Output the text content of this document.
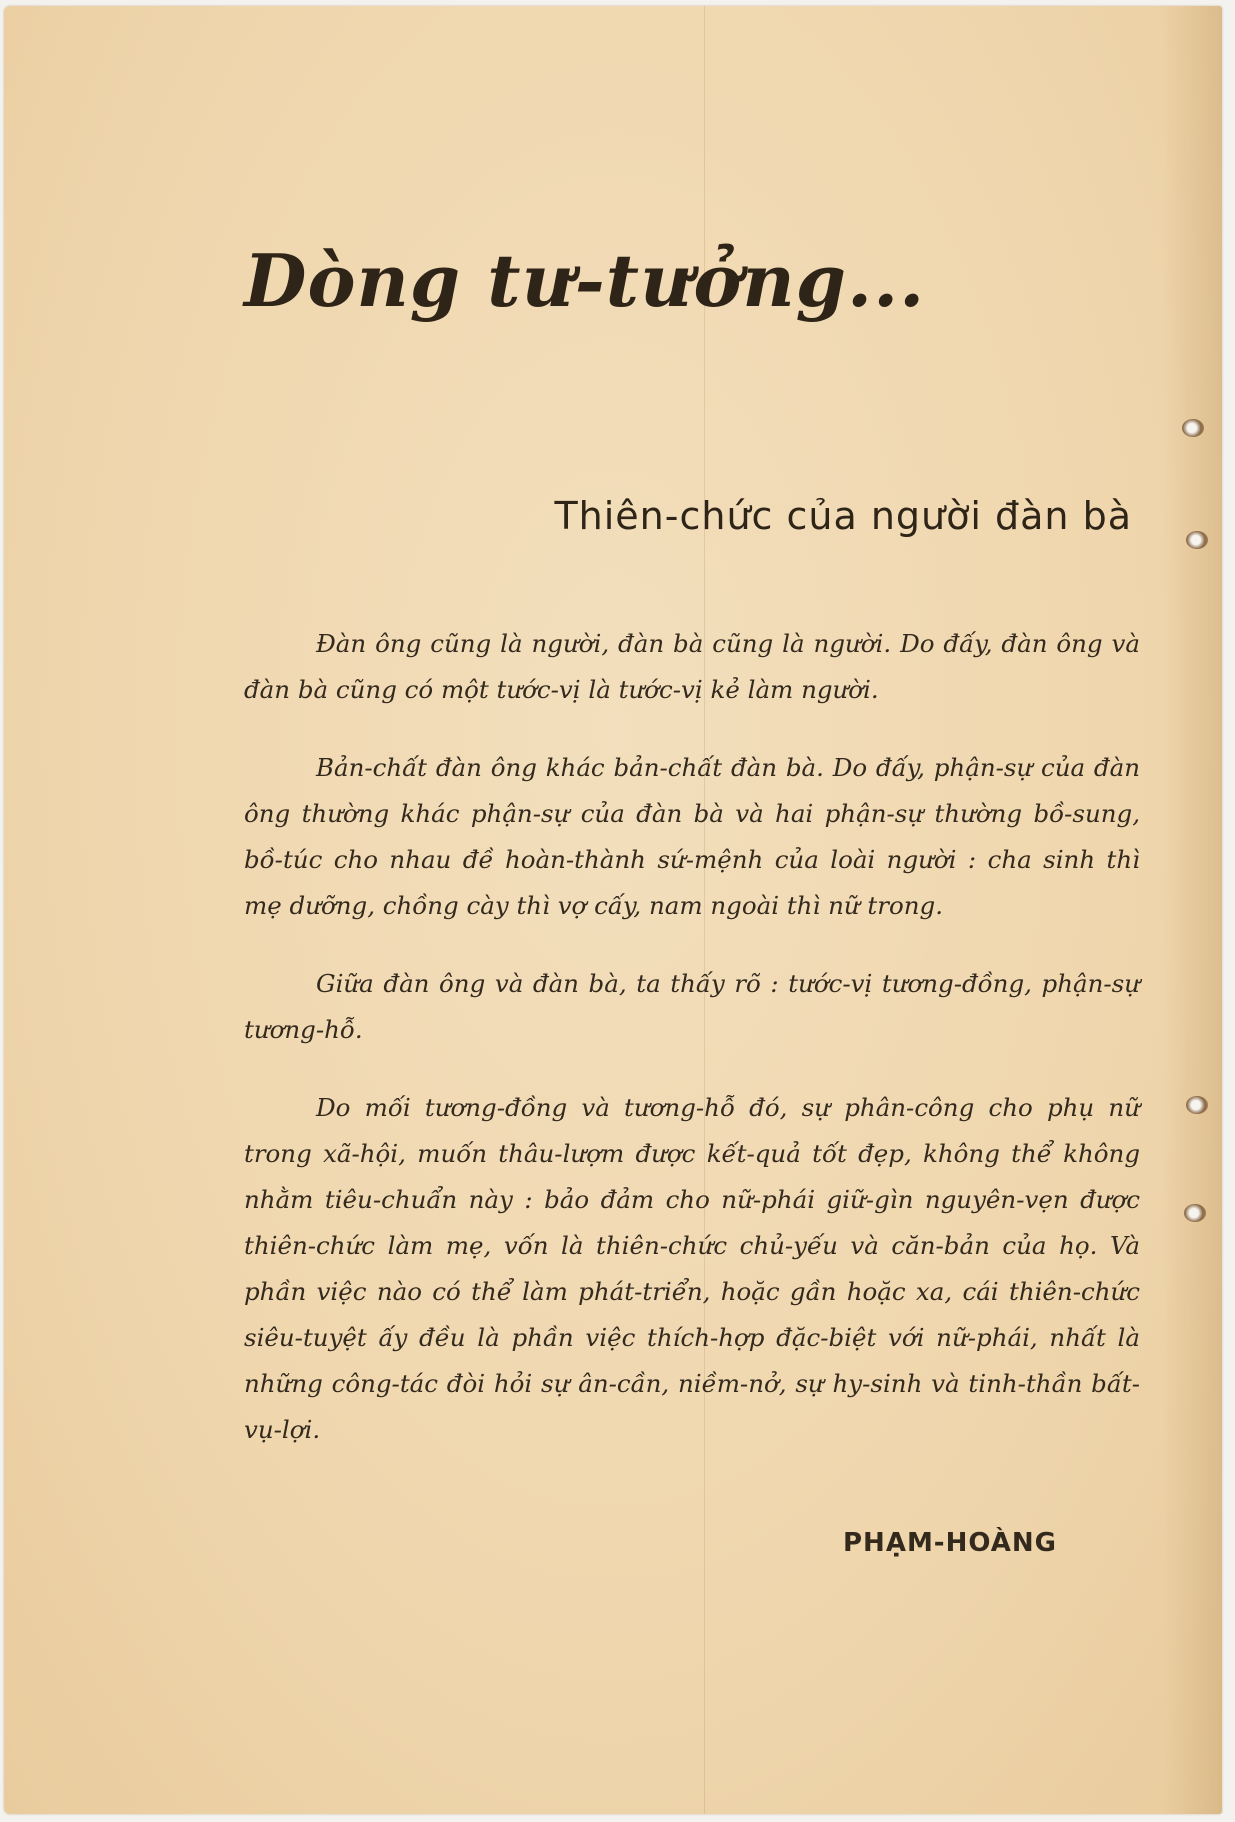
Dòng tư-tưởng...
Thiên-chức của người đàn bà

Đàn ông cũng là người, đàn bà cũng là người. Do đấy, đàn ông và đàn bà cũng có một tước-vị là tước-vị kẻ làm người.

Bản-chất đàn ông khác bản-chất đàn bà. Do đấy, phận-sự của đàn ông thường khác phận-sự của đàn bà và hai phận-sự thường bồ-sung, bồ-túc cho nhau đề hoàn-thành sứ-mệnh của loài người : cha sinh thì mẹ dưỡng, chồng cày thì vợ cấy, nam ngoài thì nữ trong.

Giữa đàn ông và đàn bà, ta thấy rõ : tước-vị tương-đồng, phận-sự tương-hỗ.

Do mối tương-đồng và tương-hỗ đó, sự phân-công cho phụ nữ trong xã-hội, muốn thâu-lượm được kết-quả tốt đẹp, không thể không nhằm tiêu-chuẩn này : bảo đảm cho nữ-phái giữ-gìn nguyên-vẹn được thiên-chức làm mẹ, vốn là thiên-chức chủ-yếu và căn-bản của họ. Và phần việc nào có thể làm phát-triển, hoặc gần hoặc xa, cái thiên-chức siêu-tuyệt ấy đều là phần việc thích-hợp đặc-biệt với nữ-phái, nhất là những công-tác đòi hỏi sự ân-cần, niềm-nở, sự hy-sinh và tinh-thần bất-vụ-lợi.

PHẠM-HOÀNG
